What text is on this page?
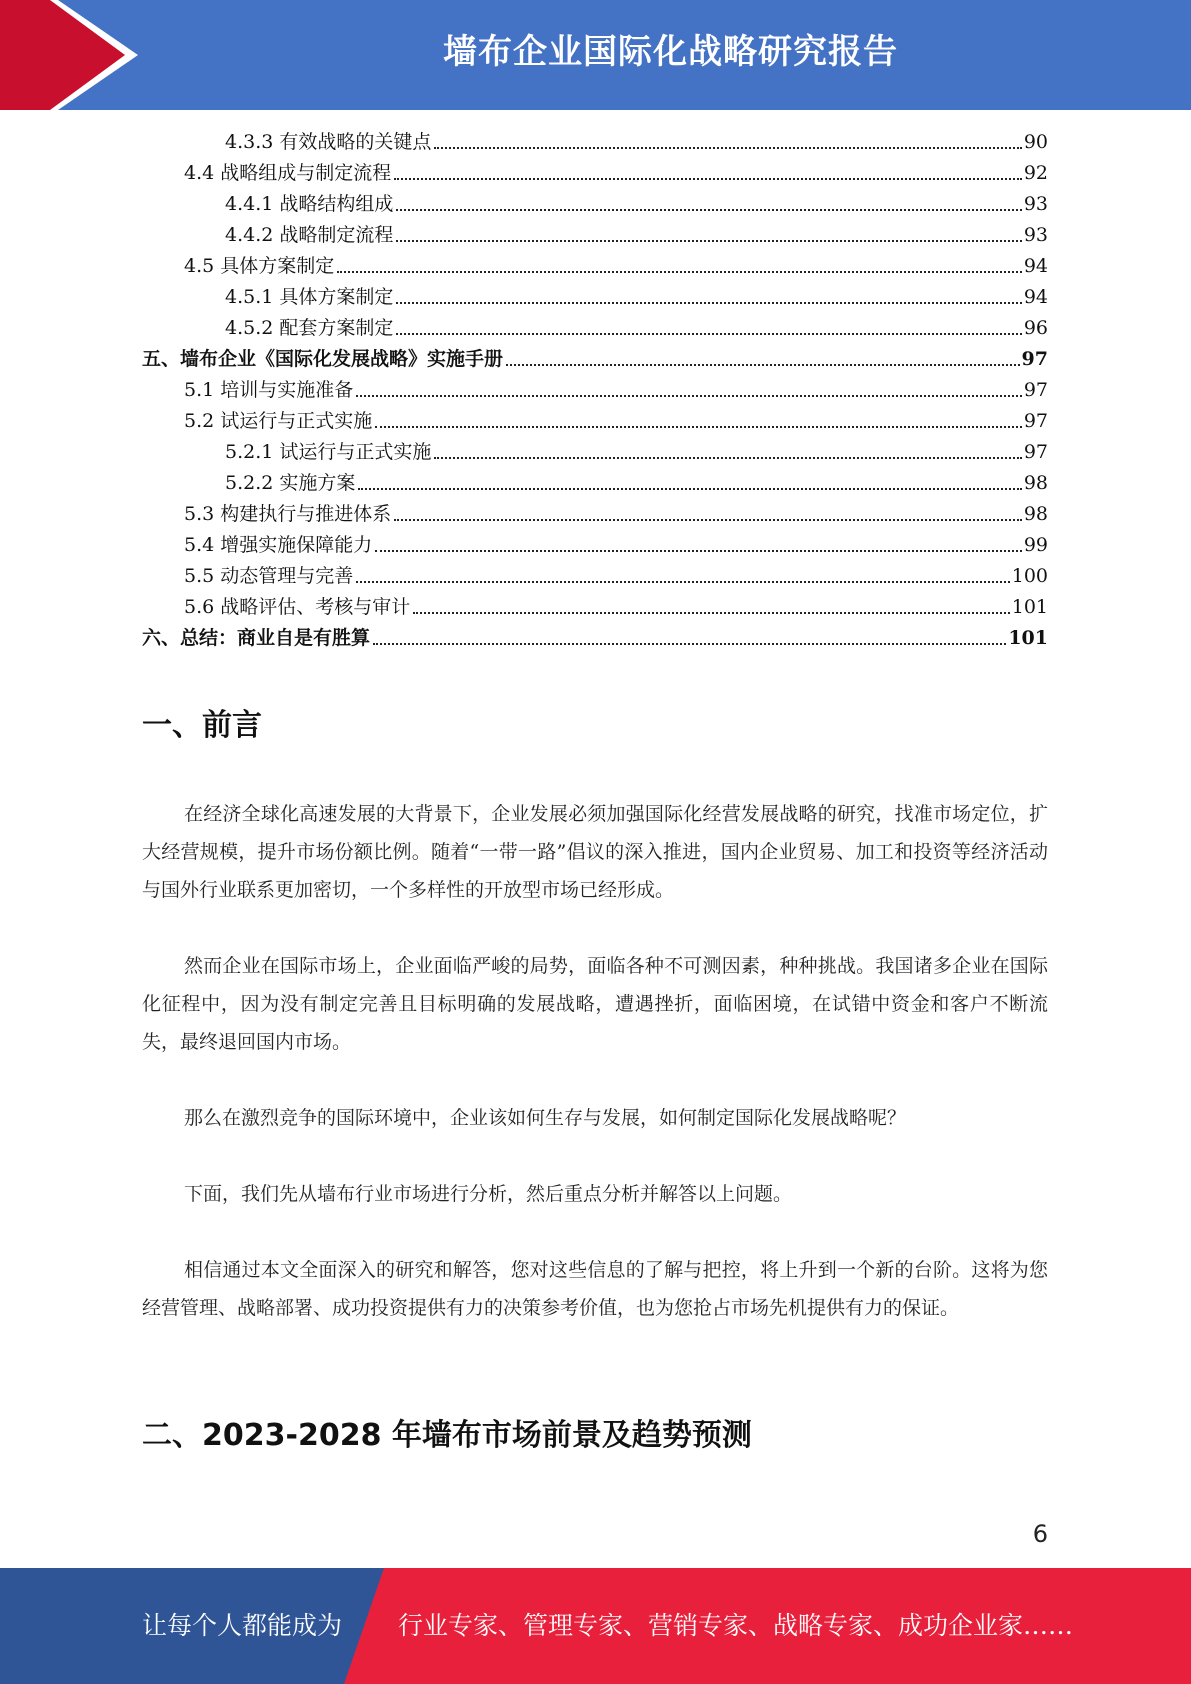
墙布企业国际化战略研究报告
4.3.3 有效战略的关键点	90
4.4 战略组成与制定流程	92
4.4.1 战略结构组成	93
4.4.2 战略制定流程	93
4.5 具体方案制定	94
4.5.1 具体方案制定	94
4.5.2 配套方案制定	96
五、墙布企业《国际化发展战略》实施手册	97
5.1 培训与实施准备	97
5.2 试运行与正式实施	97
5.2.1 试运行与正式实施	97
5.2.2 实施方案	98
5.3 构建执行与推进体系	98
5.4 增强实施保障能力	99
5.5 动态管理与完善	100
5.6 战略评估、考核与审计	101
六、总结：商业自是有胜算	101
一、前言

在经济全球化高速发展的大背景下，企业发展必须加强国际化经营发展战略的研究，找准市场定位，扩大经营规模，提升市场份额比例。随着“一带一路”倡议的深入推进，国内企业贸易、加工和投资等经济活动与国外行业联系更加密切，一个多样性的开放型市场已经形成。

然而企业在国际市场上，企业面临严峻的局势，面临各种不可测因素，种种挑战。我国诸多企业在国际化征程中，因为没有制定完善且目标明确的发展战略，遭遇挫折，面临困境，在试错中资金和客户不断流失，最终退回国内市场。

那么在激烈竞争的国际环境中，企业该如何生存与发展，如何制定国际化发展战略呢？

下面，我们先从墙布行业市场进行分析，然后重点分析并解答以上问题。

相信通过本文全面深入的研究和解答，您对这些信息的了解与把控，将上升到一个新的台阶。这将为您经营管理、战略部署、成功投资提供有力的决策参考价值，也为您抢占市场先机提供有力的保证。

二、2023-2028 年墙布市场前景及趋势预测
6
让每个人都能成为 行业专家、管理专家、营销专家、战略专家、成功企业家……
